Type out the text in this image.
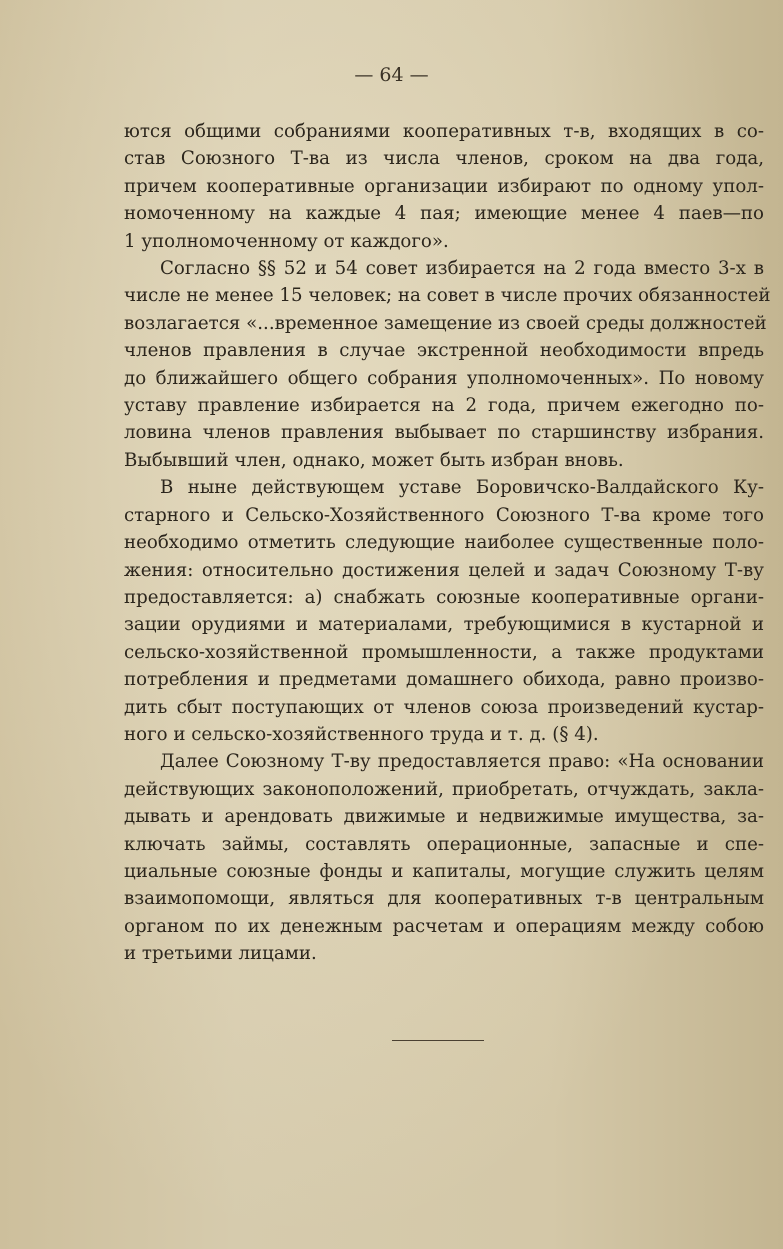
— 64 —
ются общими собраниями кооперативных т-в, входящих в со-
став Союзного Т-ва из числа членов, сроком на два года,
причем кооперативные организации избирают по одному упол-
номоченному на каждые 4 пая; имеющие менее 4 паев—по
1 уполномоченному от каждого».
Согласно §§ 52 и 54 совет избирается на 2 года вместо 3-х в
числе не менее 15 человек; на совет в числе прочих обязанностей
возлагается «...временное замещение из своей среды должностей
членов правления в случае экстренной необходимости впредь
до ближайшего общего собрания уполномоченных». По новому
уставу правление избирается на 2 года, причем ежегодно по-
ловина членов правления выбывает по старшинству избрания.
Выбывший член, однако, может быть избран вновь.
В ныне действующем уставе Боровичско-Валдайского Ку-
старного и Сельско-Хозяйственного Союзного Т-ва кроме того
необходимо отметить следующие наиболее существенные поло-
жения: относительно достижения целей и задач Союзному Т-ву
предоставляется: а) снабжать союзные кооперативные органи-
зации орудиями и материалами, требующимися в кустарной и
сельско-хозяйственной промышленности, а также продуктами
потребления и предметами домашнего обихода, равно произво-
дить сбыт поступающих от членов союза произведений кустар-
ного и сельско-хозяйственного труда и т. д. (§ 4).
Далее Союзному Т-ву предоставляется право: «На основании
действующих законоположений, приобретать, отчуждать, закла-
дывать и арендовать движимые и недвижимые имущества, за-
ключать займы, составлять операционные, запасные и спе-
циальные союзные фонды и капиталы, могущие служить целям
взаимопомощи, являться для кооперативных т-в центральным
органом по их денежным расчетам и операциям между собою
и третьими лицами.
